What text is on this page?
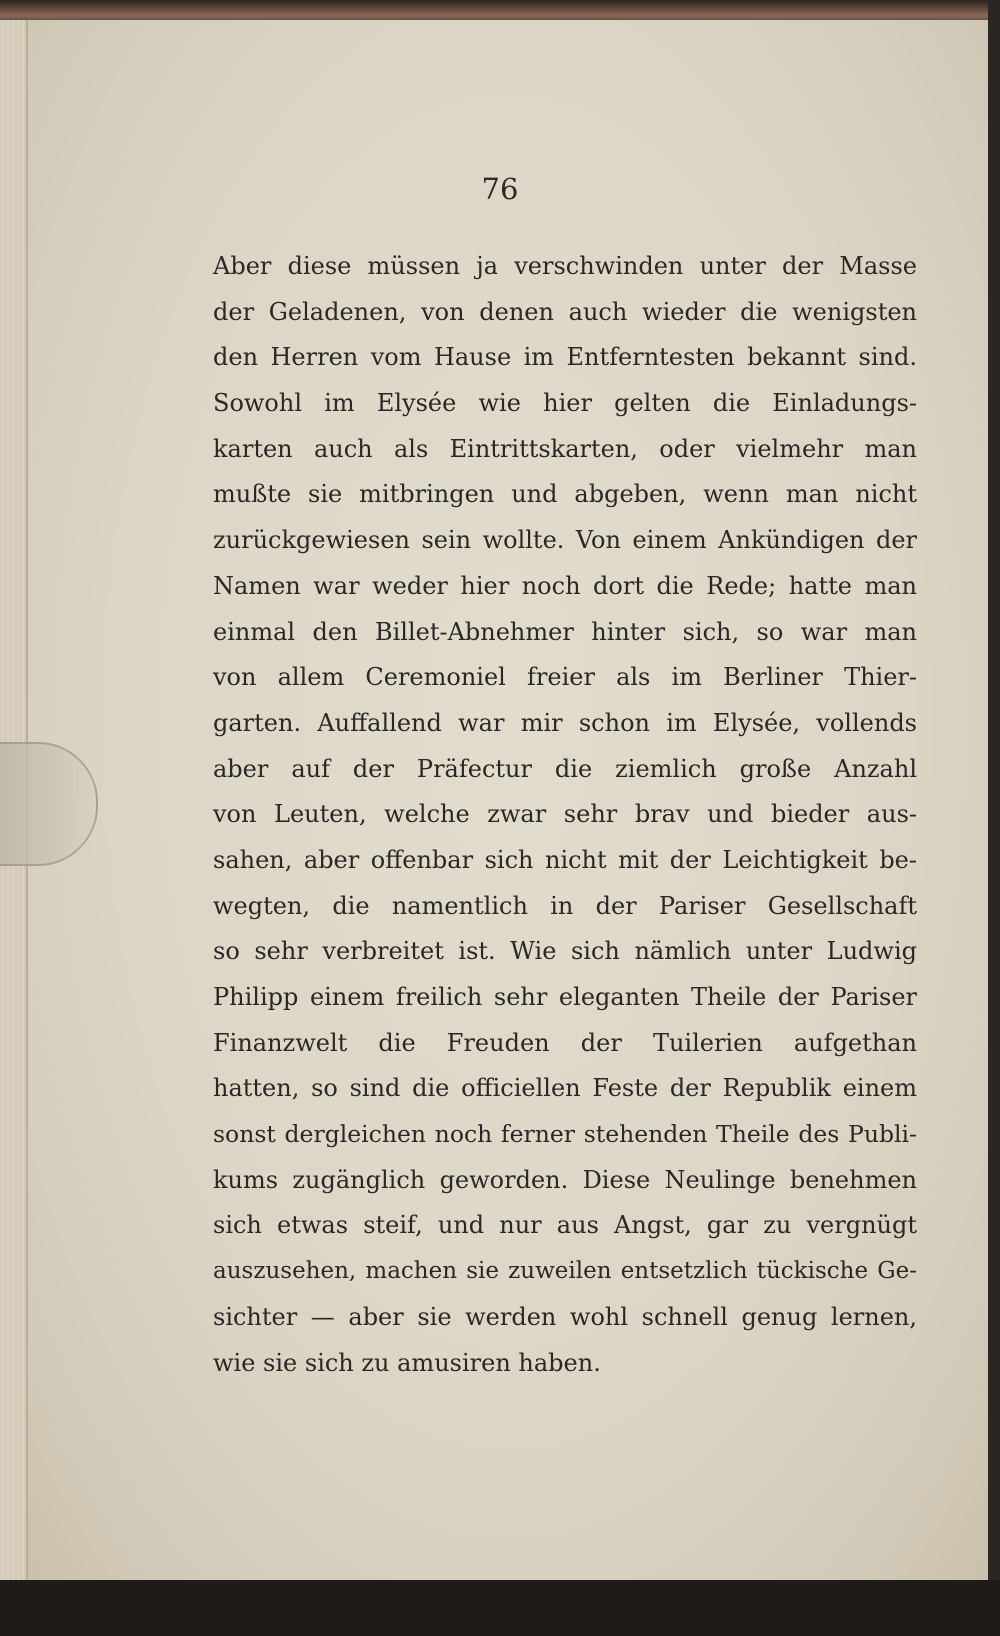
76
Aber diese müssen ja verschwinden unter der Masse
der Geladenen, von denen auch wieder die wenigsten
den Herren vom Hause im Entferntesten bekannt sind.
Sowohl im Elysée wie hier gelten die Einladungs-
karten auch als Eintrittskarten, oder vielmehr man
mußte sie mitbringen und abgeben, wenn man nicht
zurückgewiesen sein wollte. Von einem Ankündigen der
Namen war weder hier noch dort die Rede; hatte man
einmal den Billet-Abnehmer hinter sich, so war man
von allem Ceremoniel freier als im Berliner Thier-
garten. Auffallend war mir schon im Elysée, vollends
aber auf der Präfectur die ziemlich große Anzahl
von Leuten, welche zwar sehr brav und bieder aus-
sahen, aber offenbar sich nicht mit der Leichtigkeit be-
wegten, die namentlich in der Pariser Gesellschaft
so sehr verbreitet ist. Wie sich nämlich unter Ludwig
Philipp einem freilich sehr eleganten Theile der Pariser
Finanzwelt die Freuden der Tuilerien aufgethan
hatten, so sind die officiellen Feste der Republik einem
sonst dergleichen noch ferner stehenden Theile des Publi-
kums zugänglich geworden. Diese Neulinge benehmen
sich etwas steif, und nur aus Angst, gar zu vergnügt
auszusehen, machen sie zuweilen entsetzlich tückische Ge-
sichter — aber sie werden wohl schnell genug lernen,
wie sie sich zu amusiren haben.
